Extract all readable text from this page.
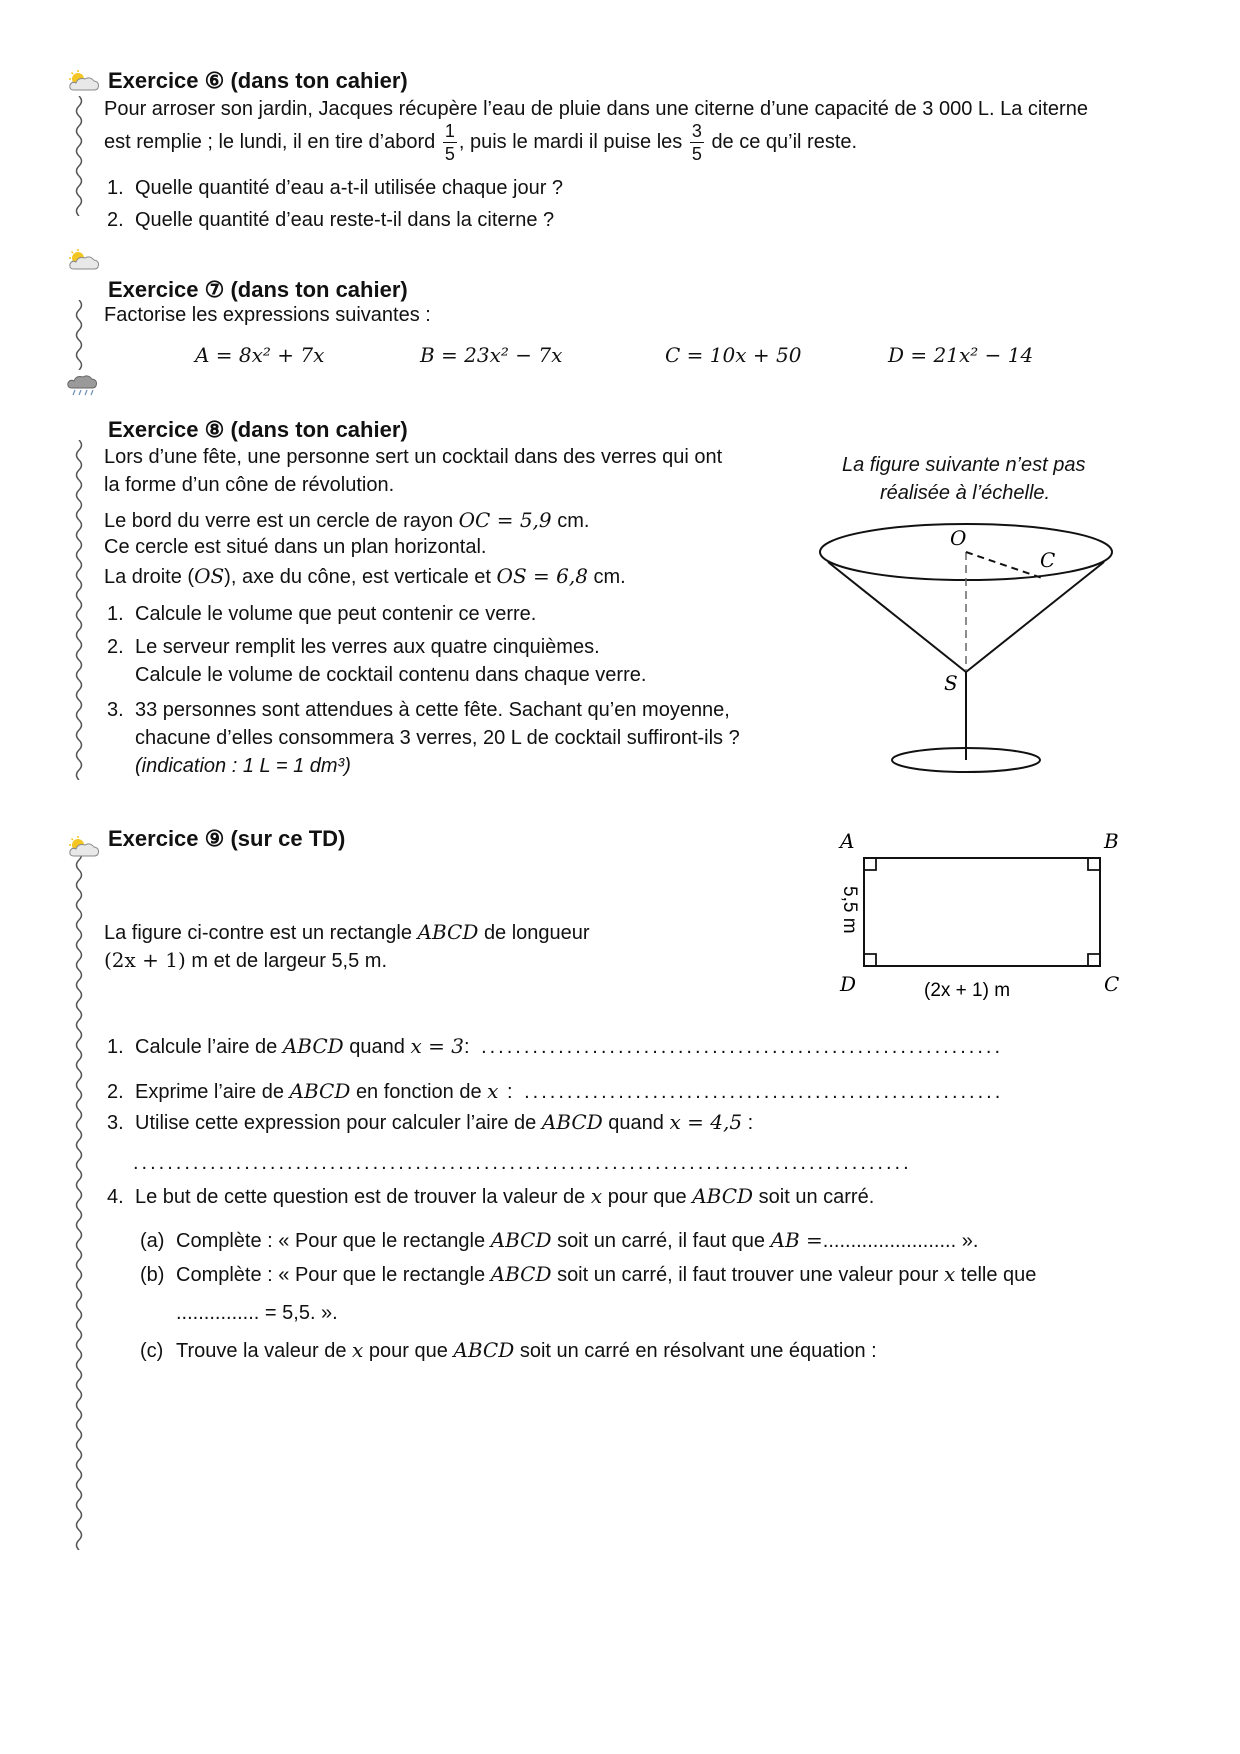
Exercice ⑥ (dans ton cahier)
Pour arroser son jardin, Jacques récupère l’eau de pluie dans une citerne d’une capacité de 3 000 L. La citerne
est remplie ; le lundi, il en tire d’abord $\frac{1}{5}$ , puis le mardi il puise les $\frac{3}{5}$ de ce qu’il reste.
1. Quelle quantité d’eau a-t-il utilisée chaque jour ?
2. Quelle quantité d’eau reste-t-il dans la citerne ?
Exercice ⑦ (dans ton cahier)
Factorise les expressions suivantes :
A = 8x² + 7x	B = 23x² − 7x	C = 10x + 50	D = 21x² − 14
Exercice ⑧ (dans ton cahier)
Lors d’une fête, une personne sert un cocktail dans des verres qui ont
la forme d’un cône de révolution.
Le bord du verre est un cercle de rayon OC = 5,9 cm.
Ce cercle est situé dans un plan horizontal.
La droite (OS), axe du cône, est verticale et OS = 6,8 cm.
1. Calcule le volume que peut contenir ce verre.
2. Le serveur remplit les verres aux quatre cinquièmes.
Calcule le volume de cocktail contenu dans chaque verre.
3. 33 personnes sont attendues à cette fête. Sachant qu’en moyenne,
chacune d’elles consommera 3 verres, 20 L de cocktail suffiront-ils ?
(indication : 1 L = 1 dm³)
La figure suivante n’est pas
réalisée à l’échelle.
O
C
S
Exercice ⑨ (sur ce TD)
La figure ci-contre est un rectangle ABCD de longueur
(2x + 1) m et de largeur 5,5 m.
A	B
D	C
5,5 m
(2x + 1) m
1. Calcule l’aire de ABCD quand x = 3: .............................................................
2. Exprime l’aire de ABCD en fonction de x : ........................................................
3. Utilise cette expression pour calculer l’aire de ABCD quand x = 4,5 :
...........................................................................................
4. Le but de cette question est de trouver la valeur de x pour que ABCD soit un carré.
(a) Complète : « Pour que le rectangle ABCD soit un carré, il faut que AB =........................ ».
(b) Complète : « Pour que le rectangle ABCD soit un carré, il faut trouver une valeur pour x telle que
............... = 5,5. ».
(c) Trouve la valeur de x pour que ABCD soit un carré en résolvant une équation :
